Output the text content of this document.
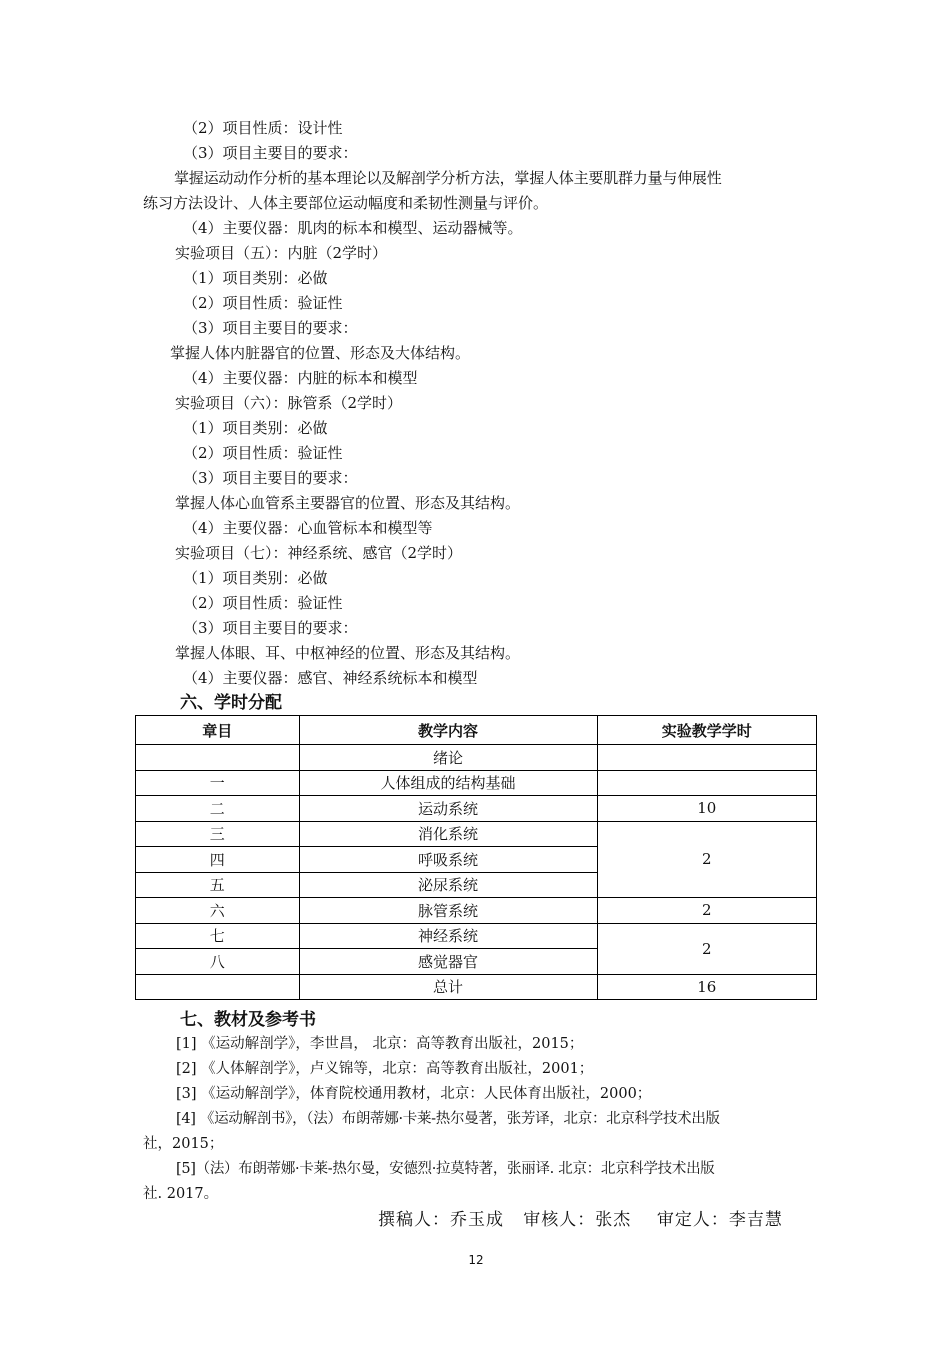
（2）项目性质：设计性
（3）项目主要目的要求：
掌握运动动作分析的基本理论以及解剖学分析方法，掌握人体主要肌群力量与伸展性
练习方法设计、人体主要部位运动幅度和柔韧性测量与评价。
（4）主要仪器：肌肉的标本和模型、运动器械等。
实验项目（五）：内脏（2学时）
（1）项目类别：必做
（2）项目性质：验证性
（3）项目主要目的要求：
掌握人体内脏器官的位置、形态及大体结构。
（4）主要仪器：内脏的标本和模型
实验项目（六）：脉管系（2学时）
（1）项目类别：必做
（2）项目性质：验证性
（3）项目主要目的要求：
掌握人体心血管系主要器官的位置、形态及其结构。
（4）主要仪器：心血管标本和模型等
实验项目（七）：神经系统、感官（2学时）
（1）项目类别：必做
（2）项目性质：验证性
（3）项目主要目的要求：
掌握人体眼、耳、中枢神经的位置、形态及其结构。
（4）主要仪器：感官、神经系统标本和模型
六、学时分配
章目	教学内容	实验教学学时
	绪论	
一	人体组成的结构基础	
二	运动系统	10
三	消化系统	2
四	呼吸系统	
五	泌尿系统	
六	脉管系统	2
七	神经系统	2
八	感觉器官	
	总计	16
七、教材及参考书
[1] 《运动解剖学》，李世昌， 北京：高等教育出版社，2015；
[2] 《人体解剖学》，卢义锦等，北京：高等教育出版社，2001；
[3] 《运动解剖学》，体育院校通用教材，北京：人民体育出版社，2000；
[4] 《运动解剖书》，（法）布朗蒂娜·卡莱-热尔曼著，张芳译，北京：北京科学技术出版
社，2015；
[5]（法）布朗蒂娜·卡莱-热尔曼，安德烈·拉莫特著，张丽译. 北京：北京科学技术出版
社. 2017。
撰稿人：乔玉成   审核人：张杰    审定人：李吉慧
12
